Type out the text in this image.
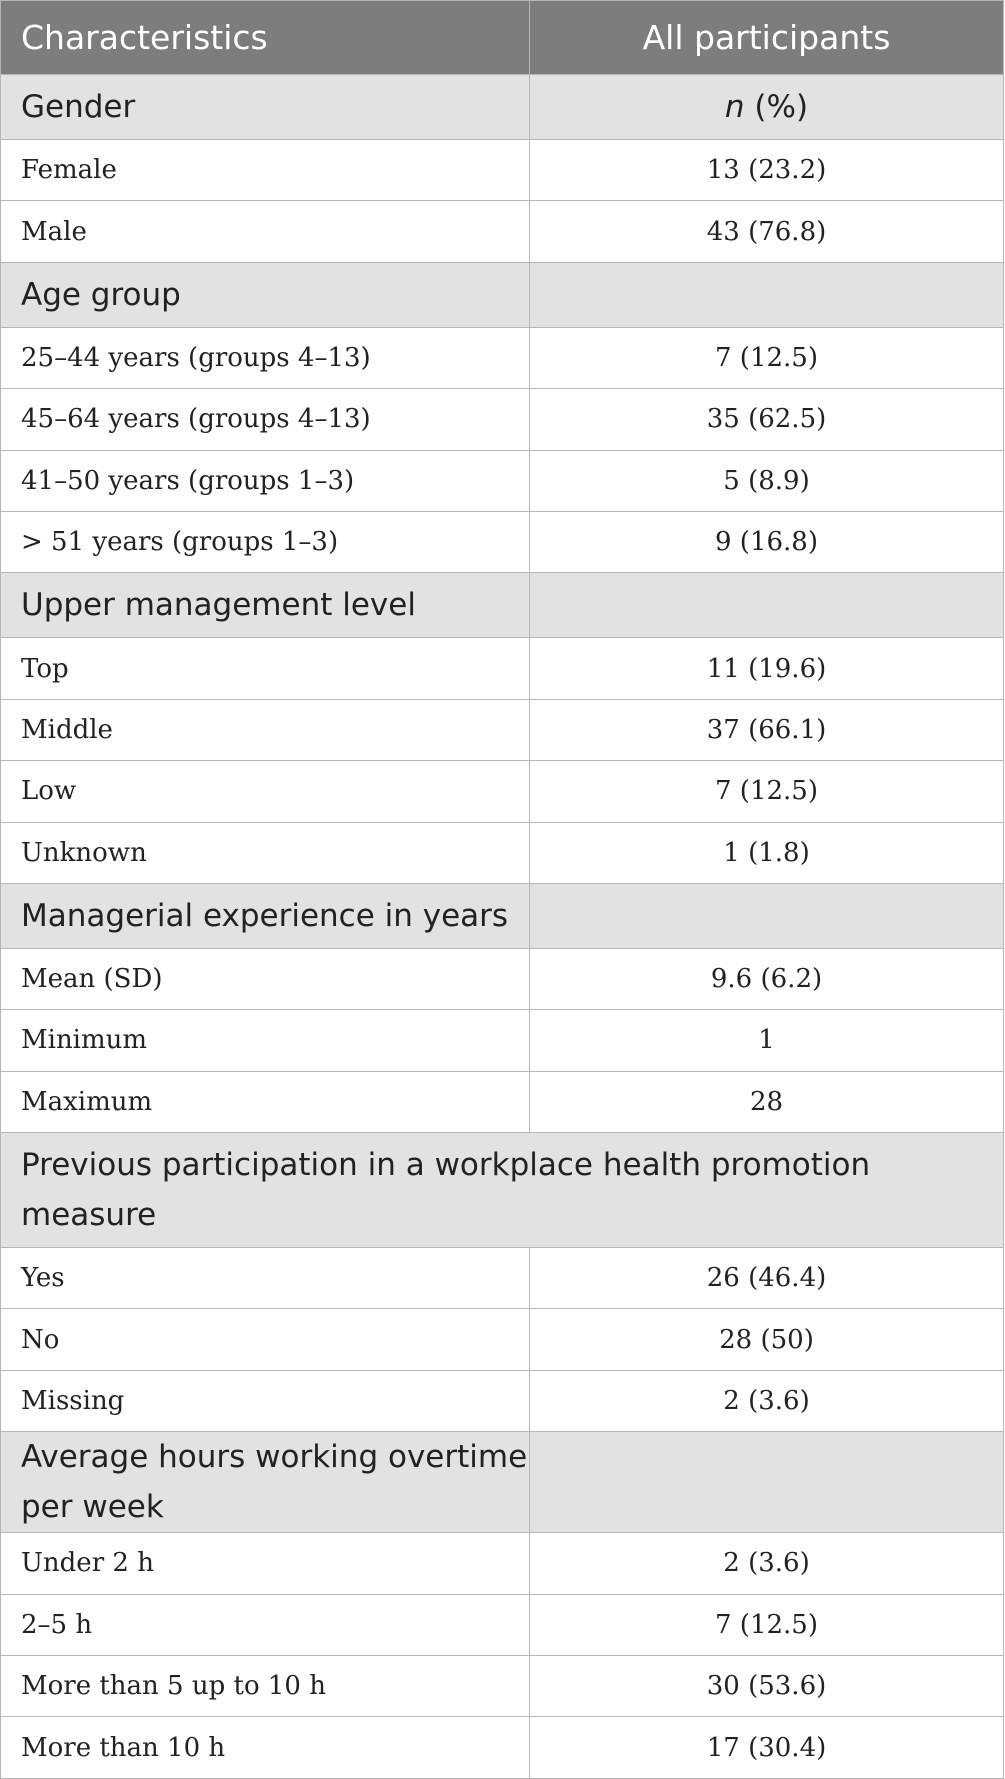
Characteristics	All participants
Gender	n (%)
Female	13 (23.2)
Male	43 (76.8)
Age group	
25–44 years (groups 4–13)	7 (12.5)
45–64 years (groups 4–13)	35 (62.5)
41–50 years (groups 1–3)	5 (8.9)
> 51 years (groups 1–3)	9 (16.8)
Upper management level	
Top	11 (19.6)
Middle	37 (66.1)
Low	7 (12.5)
Unknown	1 (1.8)
Managerial experience in years	
Mean (SD)	9.6 (6.2)
Minimum	1
Maximum	28
Previous participation in a workplace health promotion measure	
Yes	26 (46.4)
No	28 (50)
Missing	2 (3.6)
Average hours working overtime per week	
Under 2 h	2 (3.6)
2–5 h	7 (12.5)
More than 5 up to 10 h	30 (53.6)
More than 10 h	17 (30.4)
